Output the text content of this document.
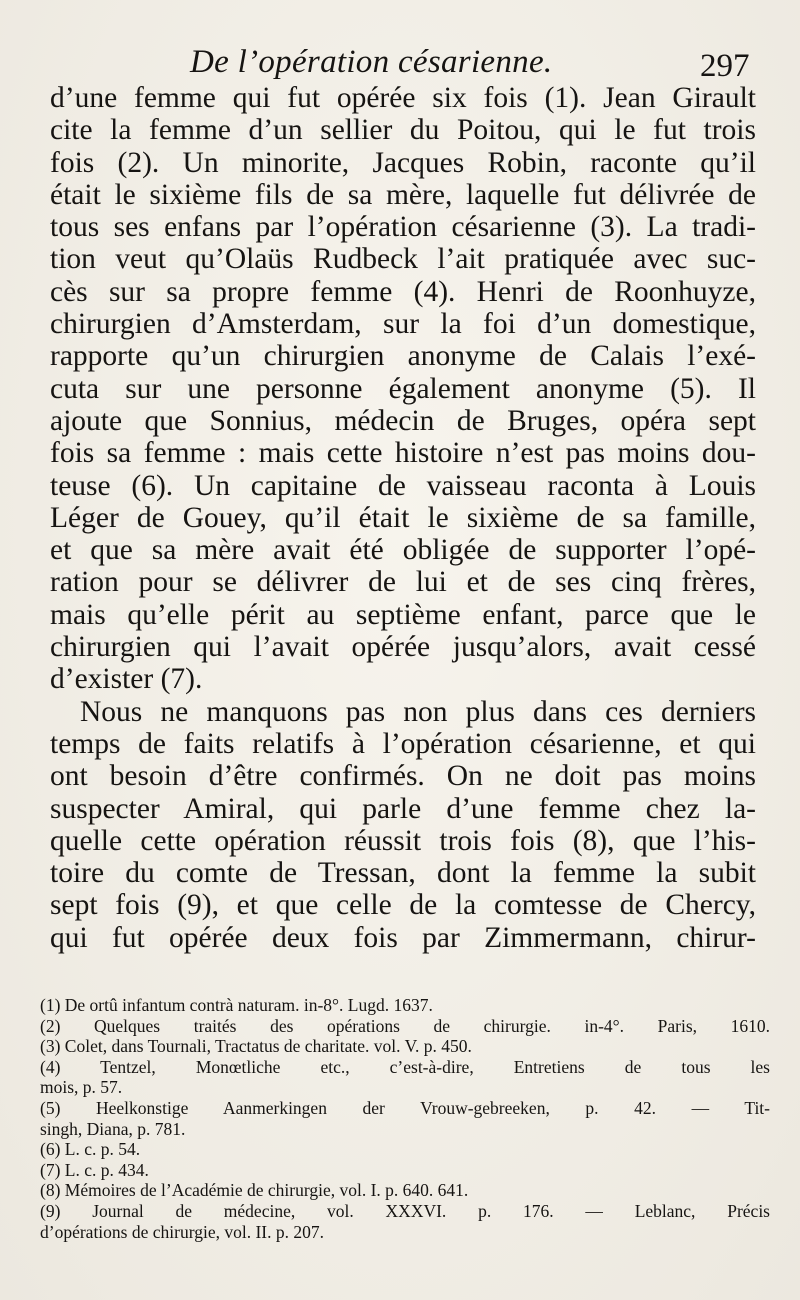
De l’opération césarienne.	297
d’une femme qui fut opérée six fois (1). Jean Girault
cite la femme d’un sellier du Poitou, qui le fut trois
fois (2). Un minorite, Jacques Robin, raconte qu’il
était le sixième fils de sa mère, laquelle fut délivrée de
tous ses enfans par l’opération césarienne (3). La tradi-
tion veut qu’Olaüs Rudbeck l’ait pratiquée avec suc-
cès sur sa propre femme (4). Henri de Roonhuyze,
chirurgien d’Amsterdam, sur la foi d’un domestique,
rapporte qu’un chirurgien anonyme de Calais l’exé-
cuta sur une personne également anonyme (5). Il
ajoute que Sonnius, médecin de Bruges, opéra sept
fois sa femme : mais cette histoire n’est pas moins dou-
teuse (6). Un capitaine de vaisseau raconta à Louis
Léger de Gouey, qu’il était le sixième de sa famille,
et que sa mère avait été obligée de supporter l’opé-
ration pour se délivrer de lui et de ses cinq frères,
mais qu’elle périt au septième enfant, parce que le
chirurgien qui l’avait opérée jusqu’alors, avait cessé
d’exister (7).
Nous ne manquons pas non plus dans ces derniers
temps de faits relatifs à l’opération césarienne, et qui
ont besoin d’être confirmés. On ne doit pas moins
suspecter Amiral, qui parle d’une femme chez la-
quelle cette opération réussit trois fois (8), que l’his-
toire du comte de Tressan, dont la femme la subit
sept fois (9), et que celle de la comtesse de Chercy,
qui fut opérée deux fois par Zimmermann, chirur-
(1) De ortû infantum contrà naturam. in-8°. Lugd. 1637.
(2) Quelques traités des opérations de chirurgie. in-4°. Paris, 1610.
(3) Colet, dans Tournali, Tractatus de charitate. vol. V. p. 450.
(4) Tentzel, Monœtliche etc., c’est-à-dire, Entretiens de tous les
mois, p. 57.
(5) Heelkonstige Aanmerkingen der Vrouw-gebreeken, p. 42. — Tit-
singh, Diana, p. 781.
(6) L. c. p. 54.
(7) L. c. p. 434.
(8) Mémoires de l’Académie de chirurgie, vol. I. p. 640. 641.
(9) Journal de médecine, vol. XXXVI. p. 176. — Leblanc, Précis
d’opérations de chirurgie, vol. II. p. 207.
